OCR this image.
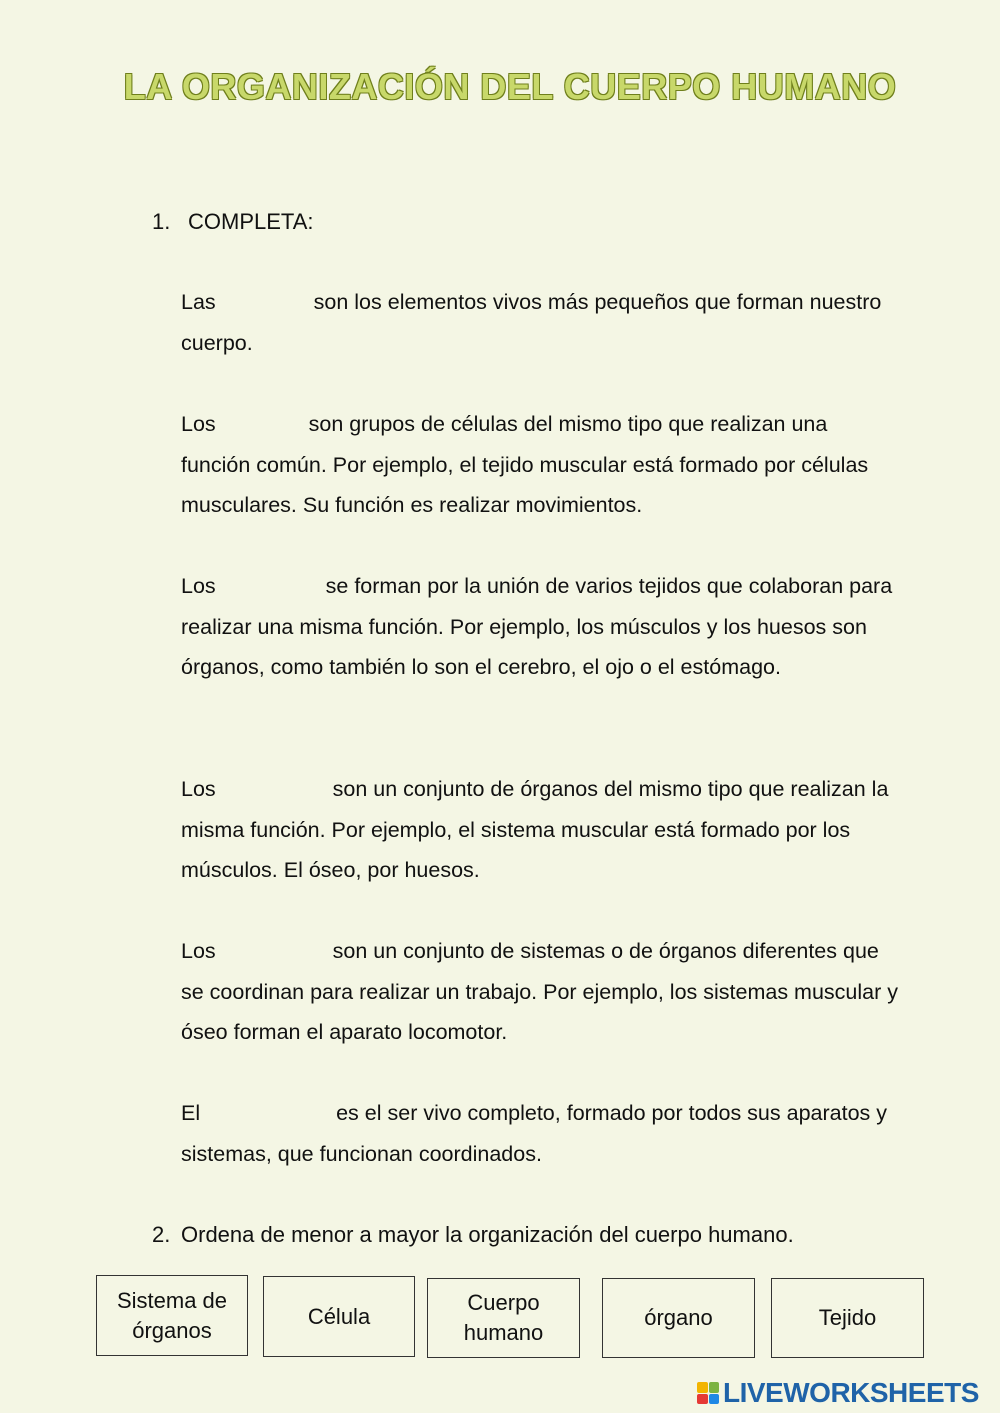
LA ORGANIZACIÓN DEL CUERPO HUMANO
1. COMPLETA:
Las	son los elementos vivos más pequeños que forman nuestro cuerpo.
Los	son grupos de células del mismo tipo que realizan una función común. Por ejemplo, el tejido muscular está formado por células musculares. Su función es realizar movimientos.
Los	se forman por la unión de varios tejidos que colaboran para realizar una misma función. Por ejemplo, los músculos y los huesos son órganos, como también lo son el cerebro, el ojo o el estómago.
Los	son un conjunto de órganos del mismo tipo que realizan la misma función. Por ejemplo, el sistema muscular está formado por los músculos. El óseo, por huesos.
Los	son un conjunto de sistemas o de órganos diferentes que se coordinan para realizar un trabajo. Por ejemplo, los sistemas muscular y óseo forman el aparato locomotor.
El	es el ser vivo completo, formado por todos sus aparatos y sistemas, que funcionan coordinados.
2. Ordena de menor a mayor la organización del cuerpo humano.
Sistema de
órganos
Célula
Cuerpo
humano
órgano	Tejido
LIVEWORKSHEETS
